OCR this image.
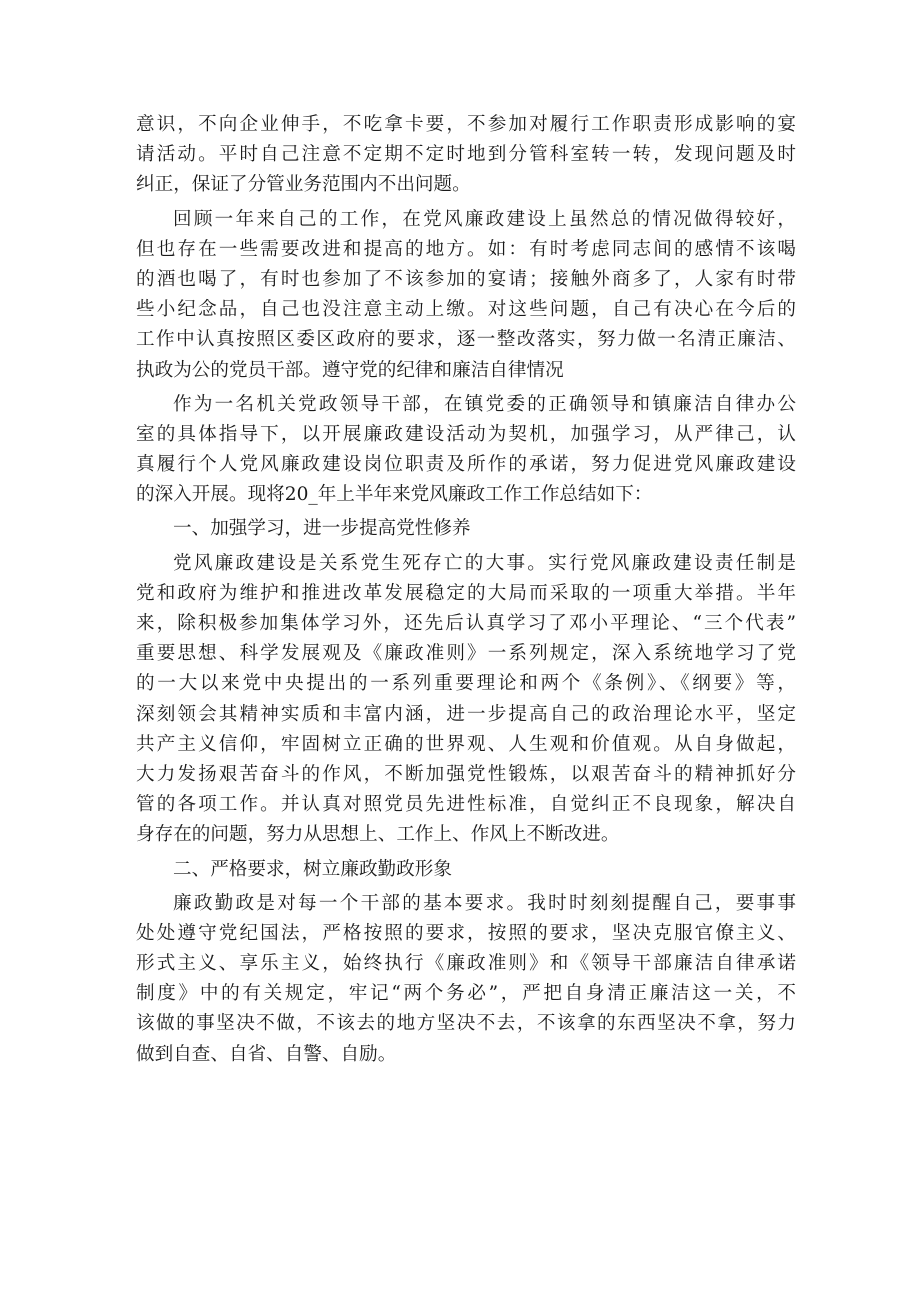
意识，不向企业伸手，不吃拿卡要，不参加对履行工作职责形成影响的宴
请活动。平时自己注意不定期不定时地到分管科室转一转，发现问题及时
纠正，保证了分管业务范围内不出问题。
回顾一年来自己的工作，在党风廉政建设上虽然总的情况做得较好，
但也存在一些需要改进和提高的地方。如：有时考虑同志间的感情不该喝
的酒也喝了，有时也参加了不该参加的宴请；接触外商多了，人家有时带
些小纪念品，自己也没注意主动上缴。对这些问题，自己有决心在今后的
工作中认真按照区委区政府的要求，逐一整改落实，努力做一名清正廉洁、
执政为公的党员干部。遵守党的纪律和廉洁自律情况
作为一名机关党政领导干部，在镇党委的正确领导和镇廉洁自律办公
室的具体指导下，以开展廉政建设活动为契机，加强学习，从严律己，认
真履行个人党风廉政建设岗位职责及所作的承诺，努力促进党风廉政建设
的深入开展。现将20_年上半年来党风廉政工作工作总结如下：
一、加强学习，进一步提高党性修养
党风廉政建设是关系党生死存亡的大事。实行党风廉政建设责任制是
党和政府为维护和推进改革发展稳定的大局而采取的一项重大举措。半年
来，除积极参加集体学习外，还先后认真学习了邓小平理论、“三个代表”
重要思想、科学发展观及《廉政准则》一系列规定，深入系统地学习了党
的一大以来党中央提出的一系列重要理论和两个《条例》、《纲要》等，
深刻领会其精神实质和丰富内涵，进一步提高自己的政治理论水平，坚定
共产主义信仰，牢固树立正确的世界观、人生观和价值观。从自身做起，
大力发扬艰苦奋斗的作风，不断加强党性锻炼，以艰苦奋斗的精神抓好分
管的各项工作。并认真对照党员先进性标准，自觉纠正不良现象，解决自
身存在的问题，努力从思想上、工作上、作风上不断改进。
二、严格要求，树立廉政勤政形象
廉政勤政是对每一个干部的基本要求。我时时刻刻提醒自己，要事事
处处遵守党纪国法，严格按照的要求，按照的要求，坚决克服官僚主义、
形式主义、享乐主义，始终执行《廉政准则》和《领导干部廉洁自律承诺
制度》中的有关规定，牢记“两个务必”，严把自身清正廉洁这一关，不
该做的事坚决不做，不该去的地方坚决不去，不该拿的东西坚决不拿，努力
做到自查、自省、自警、自励。
